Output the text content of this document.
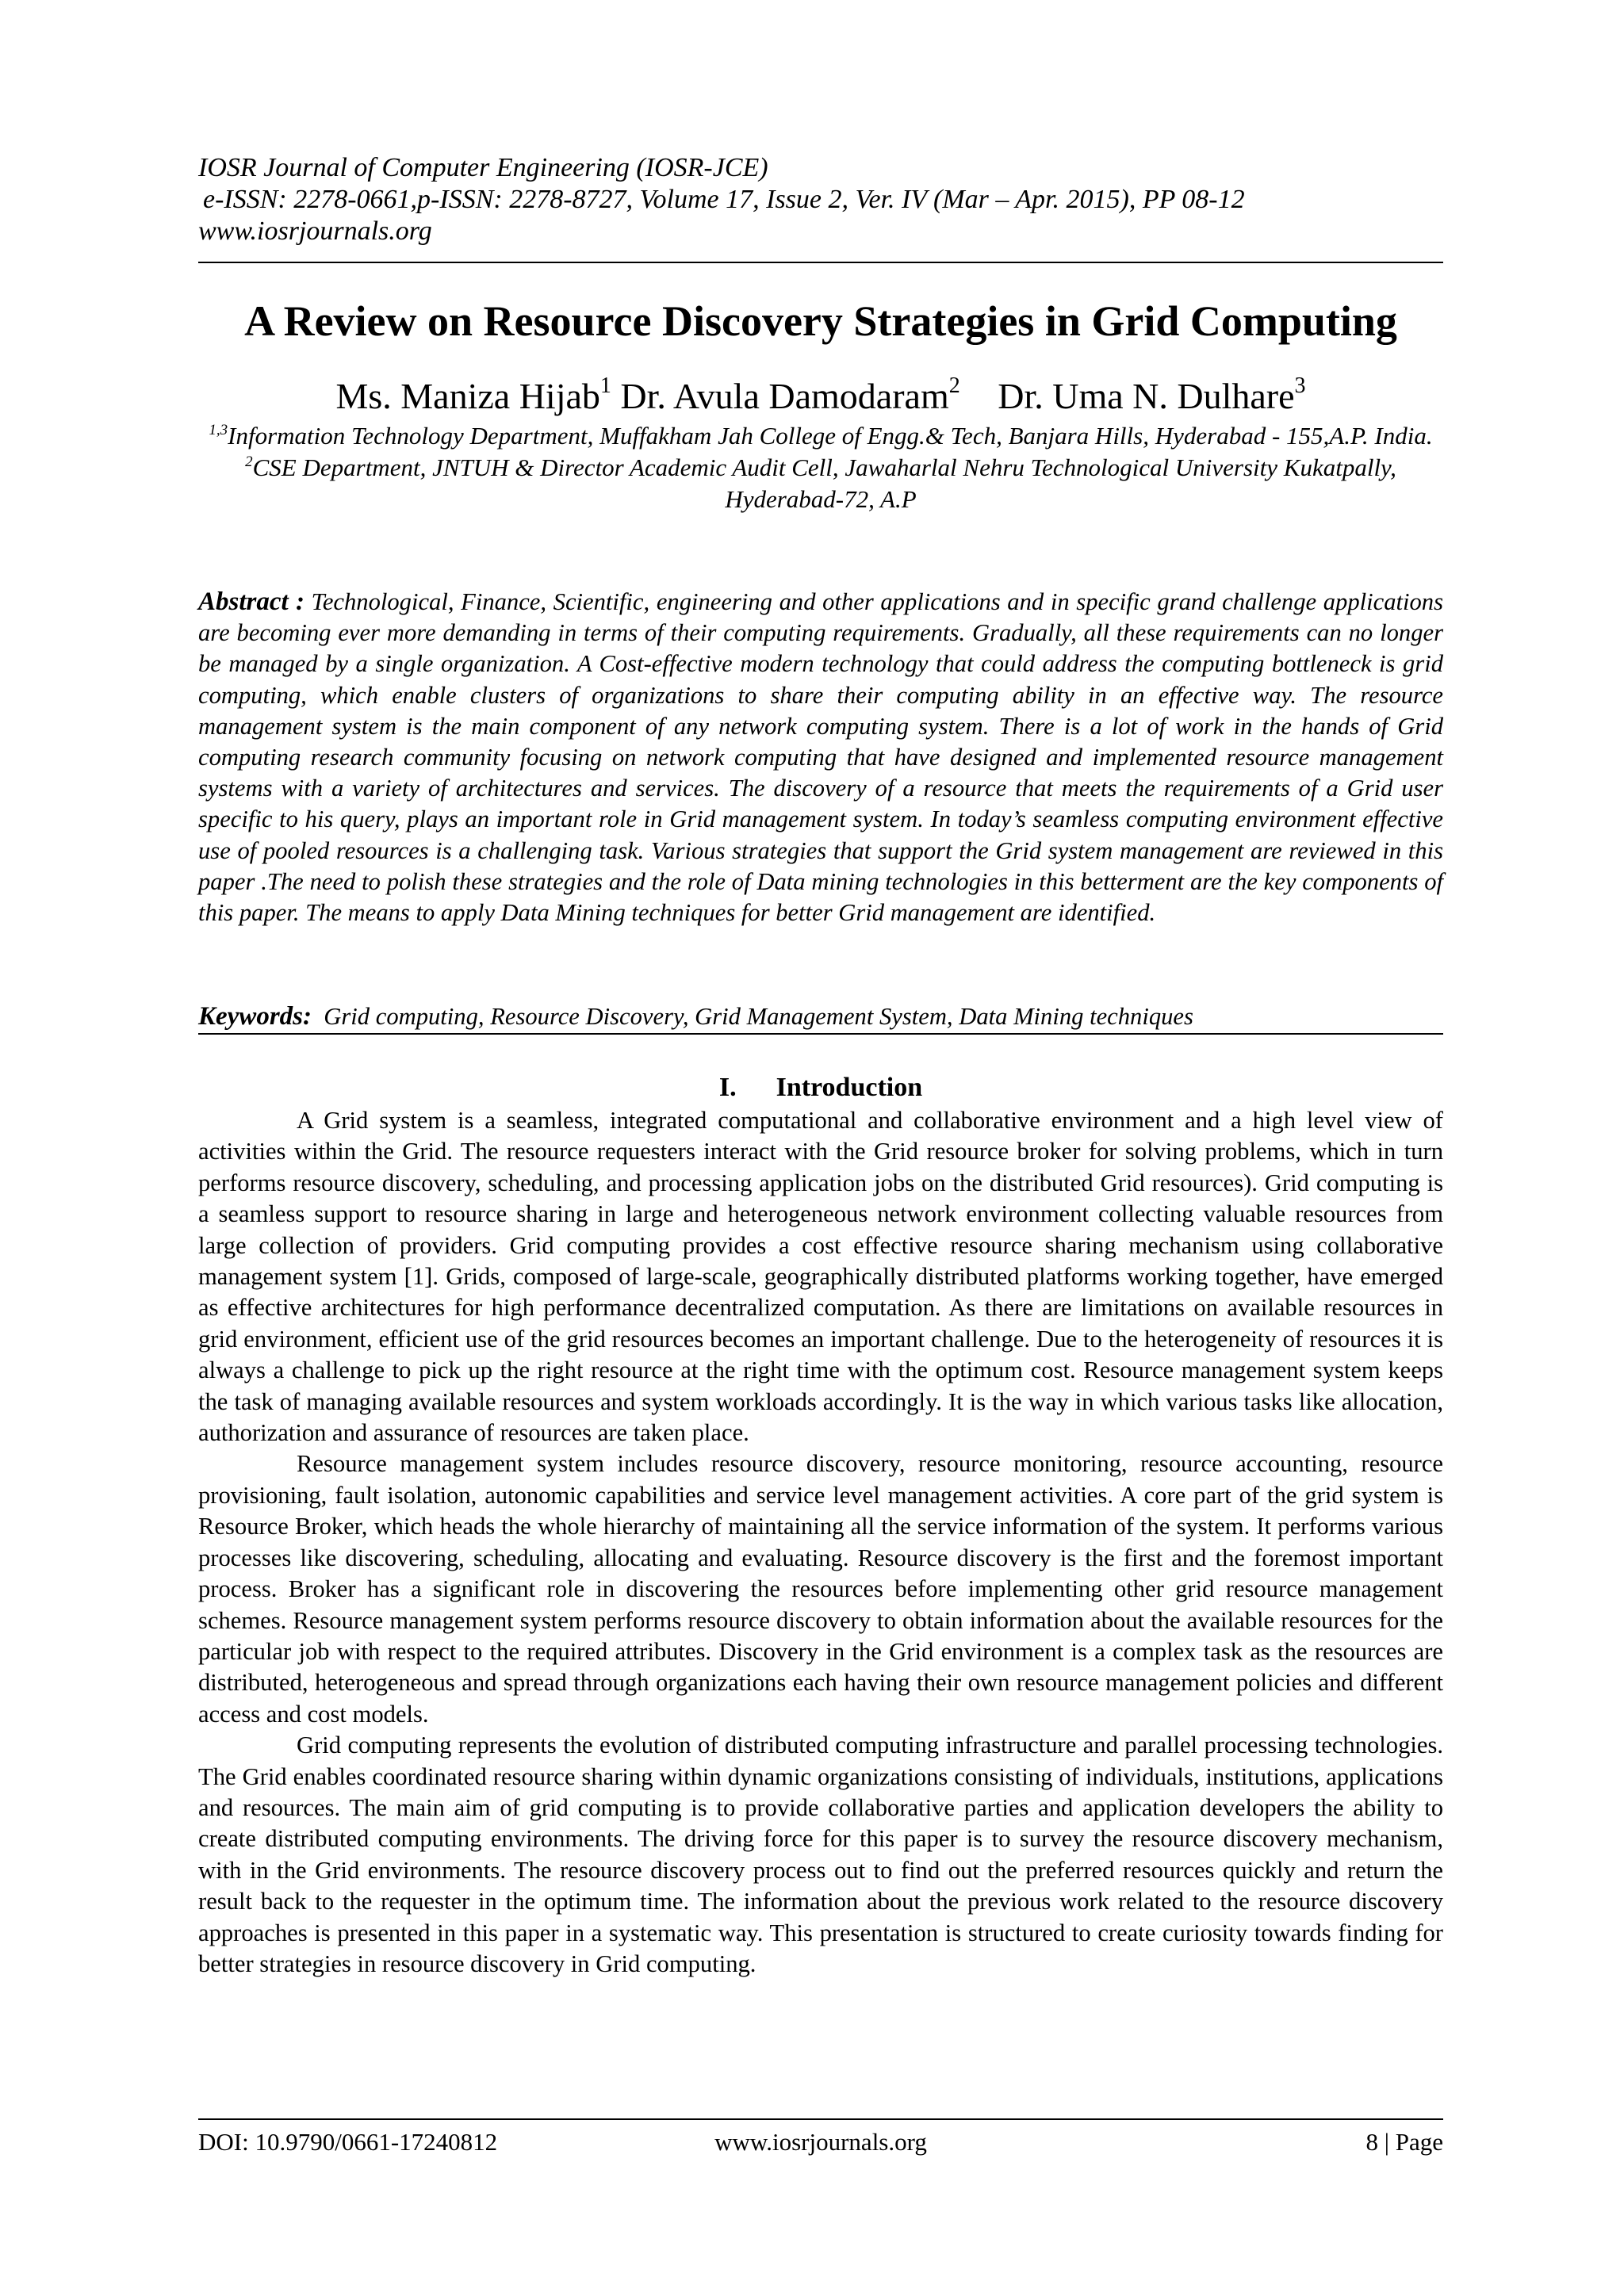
IOSR Journal of Computer Engineering (IOSR-JCE)
e-ISSN: 2278-0661,p-ISSN: 2278-8727, Volume 17, Issue 2, Ver. IV (Mar – Apr. 2015), PP 08-12
www.iosrjournals.org
A Review on Resource Discovery Strategies in Grid Computing
Ms. Maniza Hijab$^1$ Dr. Avula Damodaram$^2$ Dr. Uma N. Dulhare$^3$
$^{1,3}$Information Technology Department, Muffakham Jah College of Engg.& Tech, Banjara Hills, Hyderabad - 155,A.P. India.
$^2$CSE Department, JNTUH & Director Academic Audit Cell, Jawaharlal Nehru Technological University Kukatpally, Hyderabad-72, A.P
Abstract : Technological, Finance, Scientific, engineering and other applications and in specific grand challenge applications are becoming ever more demanding in terms of their computing requirements. Gradually, all these requirements can no longer be managed by a single organization. A Cost-effective modern technology that could address the computing bottleneck is grid computing, which enable clusters of organizations to share their computing ability in an effective way. The resource management system is the main component of any network computing system. There is a lot of work in the hands of Grid computing research community focusing on network computing that have designed and implemented resource management systems with a variety of architectures and services. The discovery of a resource that meets the requirements of a Grid user specific to his query, plays an important role in Grid management system. In today’s seamless computing environment effective use of pooled resources is a challenging task. Various strategies that support the Grid system management are reviewed in this paper .The need to polish these strategies and the role of Data mining technologies in this betterment are the key components of this paper. The means to apply Data Mining techniques for better Grid management are identified.
Keywords: Grid computing, Resource Discovery, Grid Management System, Data Mining techniques
I. Introduction

A Grid system is a seamless, integrated computational and collaborative environment and a high level view of activities within the Grid. The resource requesters interact with the Grid resource broker for solving problems, which in turn performs resource discovery, scheduling, and processing application jobs on the distributed Grid resources). Grid computing is a seamless support to resource sharing in large and heterogeneous network environment collecting valuable resources from large collection of providers. Grid computing provides a cost effective resource sharing mechanism using collaborative management system [1]. Grids, composed of large-scale, geographically distributed platforms working together, have emerged as effective architectures for high performance decentralized computation. As there are limitations on available resources in grid environment, efficient use of the grid resources becomes an important challenge. Due to the heterogeneity of resources it is always a challenge to pick up the right resource at the right time with the optimum cost. Resource management system keeps the task of managing available resources and system workloads accordingly. It is the way in which various tasks like allocation, authorization and assurance of resources are taken place.

Resource management system includes resource discovery, resource monitoring, resource accounting, resource provisioning, fault isolation, autonomic capabilities and service level management activities. A core part of the grid system is Resource Broker, which heads the whole hierarchy of maintaining all the service information of the system. It performs various processes like discovering, scheduling, allocating and evaluating. Resource discovery is the first and the foremost important process. Broker has a significant role in discovering the resources before implementing other grid resource management schemes. Resource management system performs resource discovery to obtain information about the available resources for the particular job with respect to the required attributes. Discovery in the Grid environment is a complex task as the resources are distributed, heterogeneous and spread through organizations each having their own resource management policies and different access and cost models.

Grid computing represents the evolution of distributed computing infrastructure and parallel processing technologies. The Grid enables coordinated resource sharing within dynamic organizations consisting of individuals, institutions, applications and resources. The main aim of grid computing is to provide collaborative parties and application developers the ability to create distributed computing environments. The driving force for this paper is to survey the resource discovery mechanism, with in the Grid environments. The resource discovery process out to find out the preferred resources quickly and return the result back to the requester in the optimum time. The information about the previous work related to the resource discovery approaches is presented in this paper in a systematic way. This presentation is structured to create curiosity towards finding for better strategies in resource discovery in Grid computing.

DOI: 10.9790/0661-17240812	www.iosrjournals.org	8 | Page
